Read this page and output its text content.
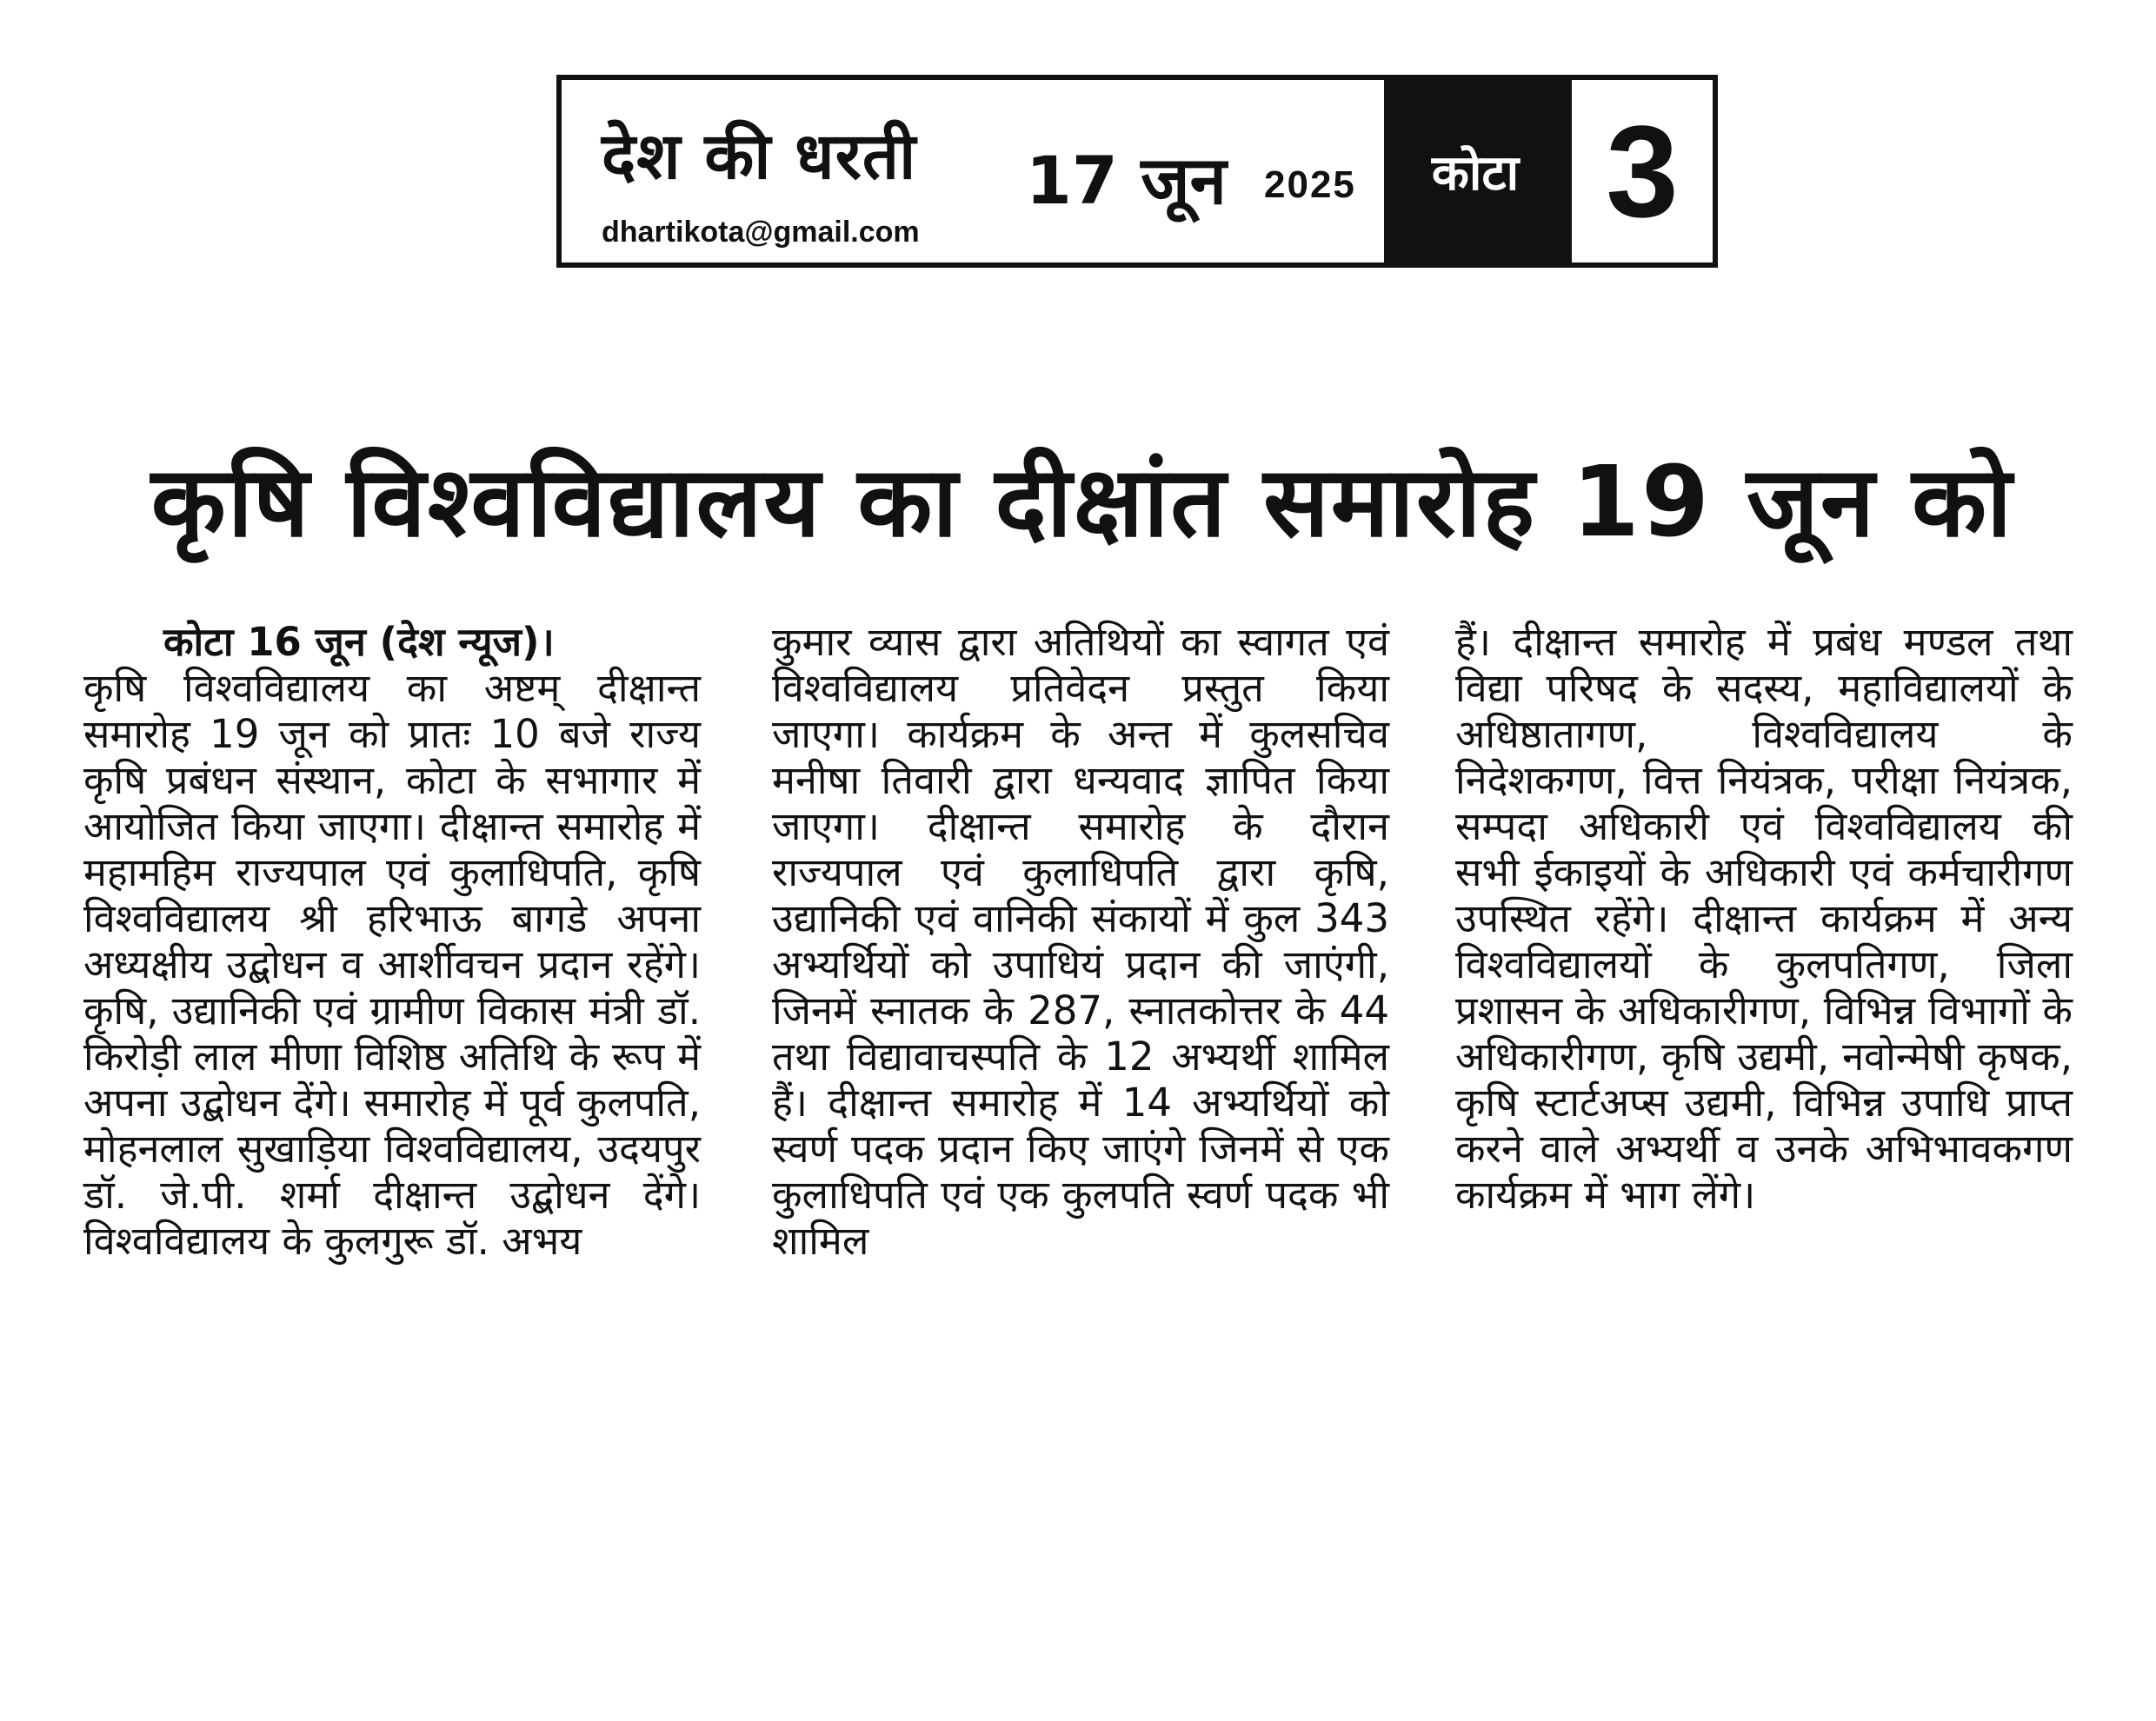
देश की धरती
dhartikota@gmail.com
17 जून 2025	कोटा 3
कृषि विश्वविद्यालय का दीक्षांत समारोह 19 जून को
कोटा 16 जून (देश न्यूज)।
कृषि विश्वविद्यालय का अष्टम् दीक्षान्त समारोह 19 जून को प्रातः 10 बजे राज्य कृषि प्रबंधन संस्थान, कोटा के सभागार में आयोजित किया जाएगा। दीक्षान्त समारोह में महामहिम राज्यपाल एवं कुलाधिपति, कृषि विश्वविद्यालय श्री हरिभाऊ बागडे अपना अध्यक्षीय उद्बोधन व आर्शीवचन प्रदान रहेंगे। कृषि, उद्यानिकी एवं ग्रामीण विकास मंत्री डॉ. किरोड़ी लाल मीणा विशिष्ठ अतिथि के रूप में अपना उद्बोधन देंगे। समारोह में पूर्व कुलपति, मोहनलाल सुखाड़िया विश्वविद्यालय, उदयपुर डॉ. जे.पी. शर्मा दीक्षान्त उद्बोधन देंगे। विश्वविद्यालय के कुलगुरू डॉ. अभय
कुमार व्यास द्वारा अतिथियों का स्वागत एवं विश्वविद्यालय प्रतिवेदन प्रस्तुत किया जाएगा। कार्यक्रम के अन्त में कुलसचिव मनीषा तिवारी द्वारा धन्यवाद ज्ञापित किया जाएगा। दीक्षान्त समारोह के दौरान राज्यपाल एवं कुलाधिपति द्वारा कृषि, उद्यानिकी एवं वानिकी संकायों में कुल 343 अभ्यर्थियों को उपाधियं प्रदान की जाएंगी, जिनमें स्नातक के 287, स्नातकोत्तर के 44 तथा विद्यावाचस्पति के 12 अभ्यर्थी शामिल हैं। दीक्षान्त समारोह में 14 अभ्यर्थियों को स्वर्ण पदक प्रदान किए जाएंगे जिनमें से एक कुलाधिपति एवं एक कुलपति स्वर्ण पदक भी शामिल
हैं। दीक्षान्त समारोह में प्रबंध मण्डल तथा विद्या परिषद के सदस्य, महाविद्यालयों के अधिष्ठातागण, विश्वविद्यालय के निदेशकगण, वित्त नियंत्रक, परीक्षा नियंत्रक, सम्पदा अधिकारी एवं विश्वविद्यालय की सभी ईकाइयों के अधिकारी एवं कर्मचारीगण उपस्थित रहेंगे। दीक्षान्त कार्यक्रम में अन्य विश्वविद्यालयों के कुलपतिगण, जिला प्रशासन के अधिकारीगण, विभिन्न विभागों के अधिकारीगण, कृषि उद्यमी, नवोन्मेषी कृषक, कृषि स्टार्टअप्स उद्यमी, विभिन्न उपाधि प्राप्त करने वाले अभ्यर्थी व उनके अभिभावकगण कार्यक्रम में भाग लेंगे।
